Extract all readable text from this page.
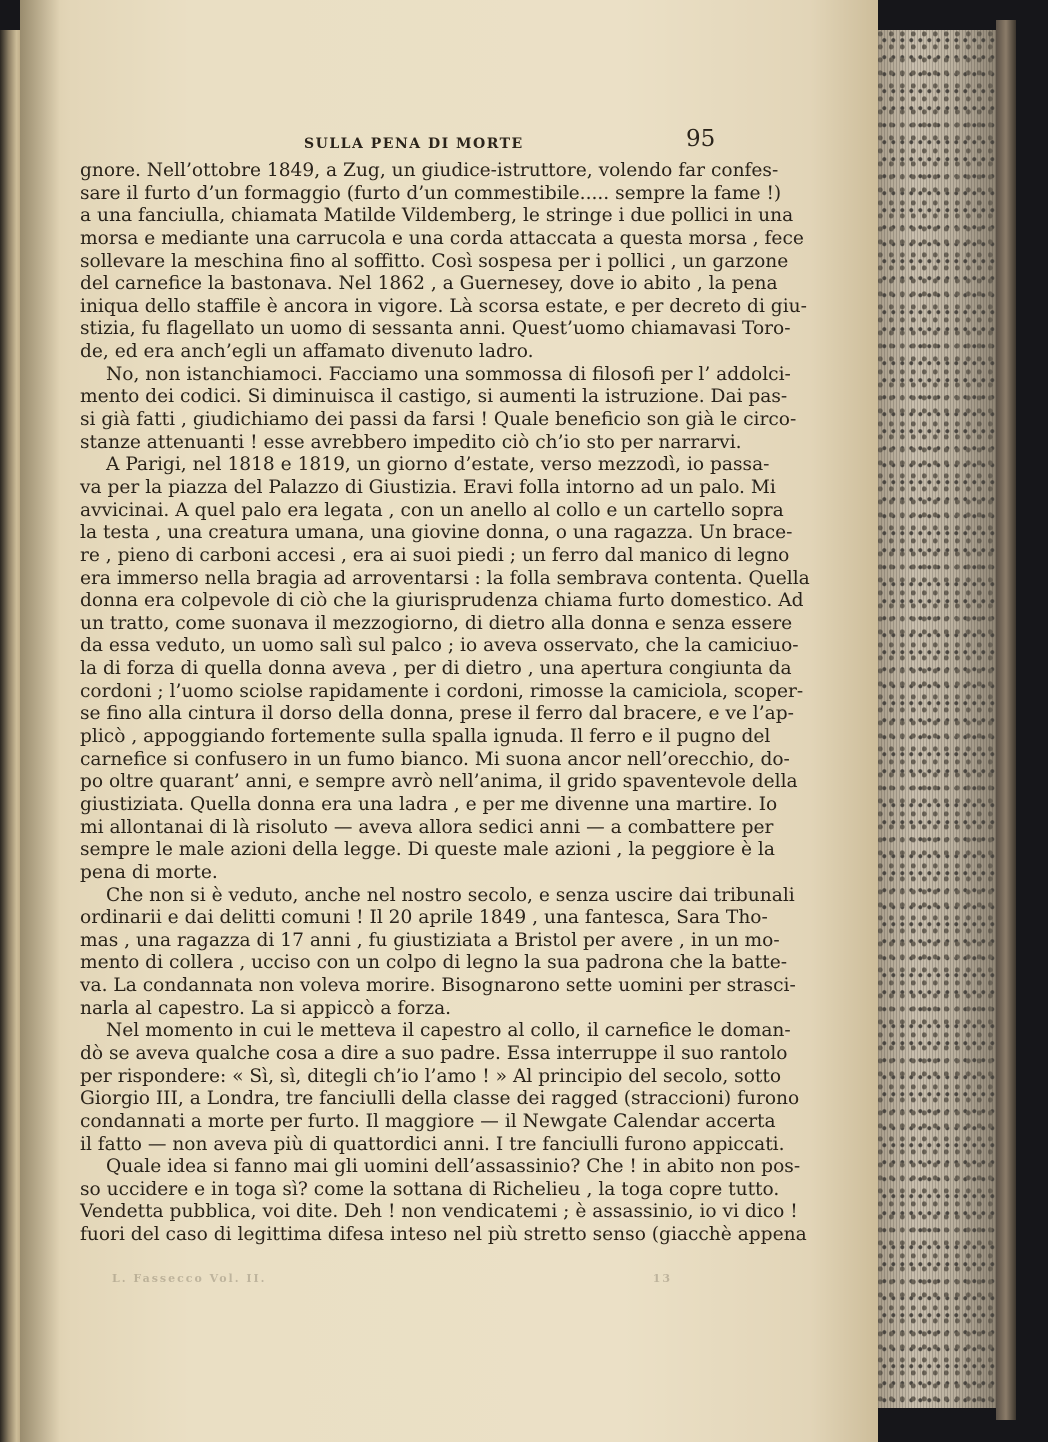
SULLA PENA DI MORTE	95
gnore. Nell’ottobre 1849, a Zug, un giudice-istruttore, volendo far confes-
sare il furto d’un formaggio (furto d’un commestibile..... sempre la fame !)
a una fanciulla, chiamata Matilde Vildemberg, le stringe i due pollici in una
morsa e mediante una carrucola e una corda attaccata a questa morsa , fece
sollevare la meschina fino al soffitto. Così sospesa per i pollici , un garzone
del carnefice la bastonava. Nel 1862 , a Guernesey, dove io abito , la pena
iniqua dello staffile è ancora in vigore. Là scorsa estate, e per decreto di giu-
stizia, fu flagellato un uomo di sessanta anni. Quest’uomo chiamavasi Toro-
de, ed era anch’egli un affamato divenuto ladro.
No, non istanchiamoci. Facciamo una sommossa di filosofi per l’ addolci-
mento dei codici. Si diminuisca il castigo, si aumenti la istruzione. Dai pas-
si già fatti , giudichiamo dei passi da farsi ! Quale beneficio son già le circo-
stanze attenuanti ! esse avrebbero impedito ciò ch’io sto per narrarvi.
A Parigi, nel 1818 e 1819, un giorno d’estate, verso mezzodì, io passa-
va per la piazza del Palazzo di Giustizia. Eravi folla intorno ad un palo. Mi
avvicinai. A quel palo era legata , con un anello al collo e un cartello sopra
la testa , una creatura umana, una giovine donna, o una ragazza. Un brace-
re , pieno di carboni accesi , era ai suoi piedi ; un ferro dal manico di legno
era immerso nella bragia ad arroventarsi : la folla sembrava contenta. Quella
donna era colpevole di ciò che la giurisprudenza chiama furto domestico. Ad
un tratto, come suonava il mezzogiorno, di dietro alla donna e senza essere
da essa veduto, un uomo salì sul palco ; io aveva osservato, che la camiciuo-
la di forza di quella donna aveva , per di dietro , una apertura congiunta da
cordoni ; l’uomo sciolse rapidamente i cordoni, rimosse la camiciola, scoper-
se fino alla cintura il dorso della donna, prese il ferro dal bracere, e ve l’ap-
plicò , appoggiando fortemente sulla spalla ignuda. Il ferro e il pugno del
carnefice si confusero in un fumo bianco. Mi suona ancor nell’orecchio, do-
po oltre quarant’ anni, e sempre avrò nell’anima, il grido spaventevole della
giustiziata. Quella donna era una ladra , e per me divenne una martire. Io
mi allontanai di là risoluto — aveva allora sedici anni — a combattere per
sempre le male azioni della legge. Di queste male azioni , la peggiore è la
pena di morte.
Che non si è veduto, anche nel nostro secolo, e senza uscire dai tribunali
ordinarii e dai delitti comuni ! Il 20 aprile 1849 , una fantesca, Sara Tho-
mas , una ragazza di 17 anni , fu giustiziata a Bristol per avere , in un mo-
mento di collera , ucciso con un colpo di legno la sua padrona che la batte-
va. La condannata non voleva morire. Bisognarono sette uomini per strasci-
narla al capestro. La si appiccò a forza.
Nel momento in cui le metteva il capestro al collo, il carnefice le doman-
dò se aveva qualche cosa a dire a suo padre. Essa interruppe il suo rantolo
per rispondere: « Sì, sì, ditegli ch’io l’amo ! » Al principio del secolo, sotto
Giorgio III, a Londra, tre fanciulli della classe dei ragged (straccioni) furono
condannati a morte per furto. Il maggiore — il Newgate Calendar accerta
il fatto — non aveva più di quattordici anni. I tre fanciulli furono appiccati.
Quale idea si fanno mai gli uomini dell’assassinio? Che ! in abito non pos-
so uccidere e in toga sì? come la sottana di Richelieu , la toga copre tutto.
Vendetta pubblica, voi dite. Deh ! non vendicatemi ; è assassinio, io vi dico !
fuori del caso di legittima difesa inteso nel più stretto senso (giacchè appena
L. Fassecco Vol. II.	13
